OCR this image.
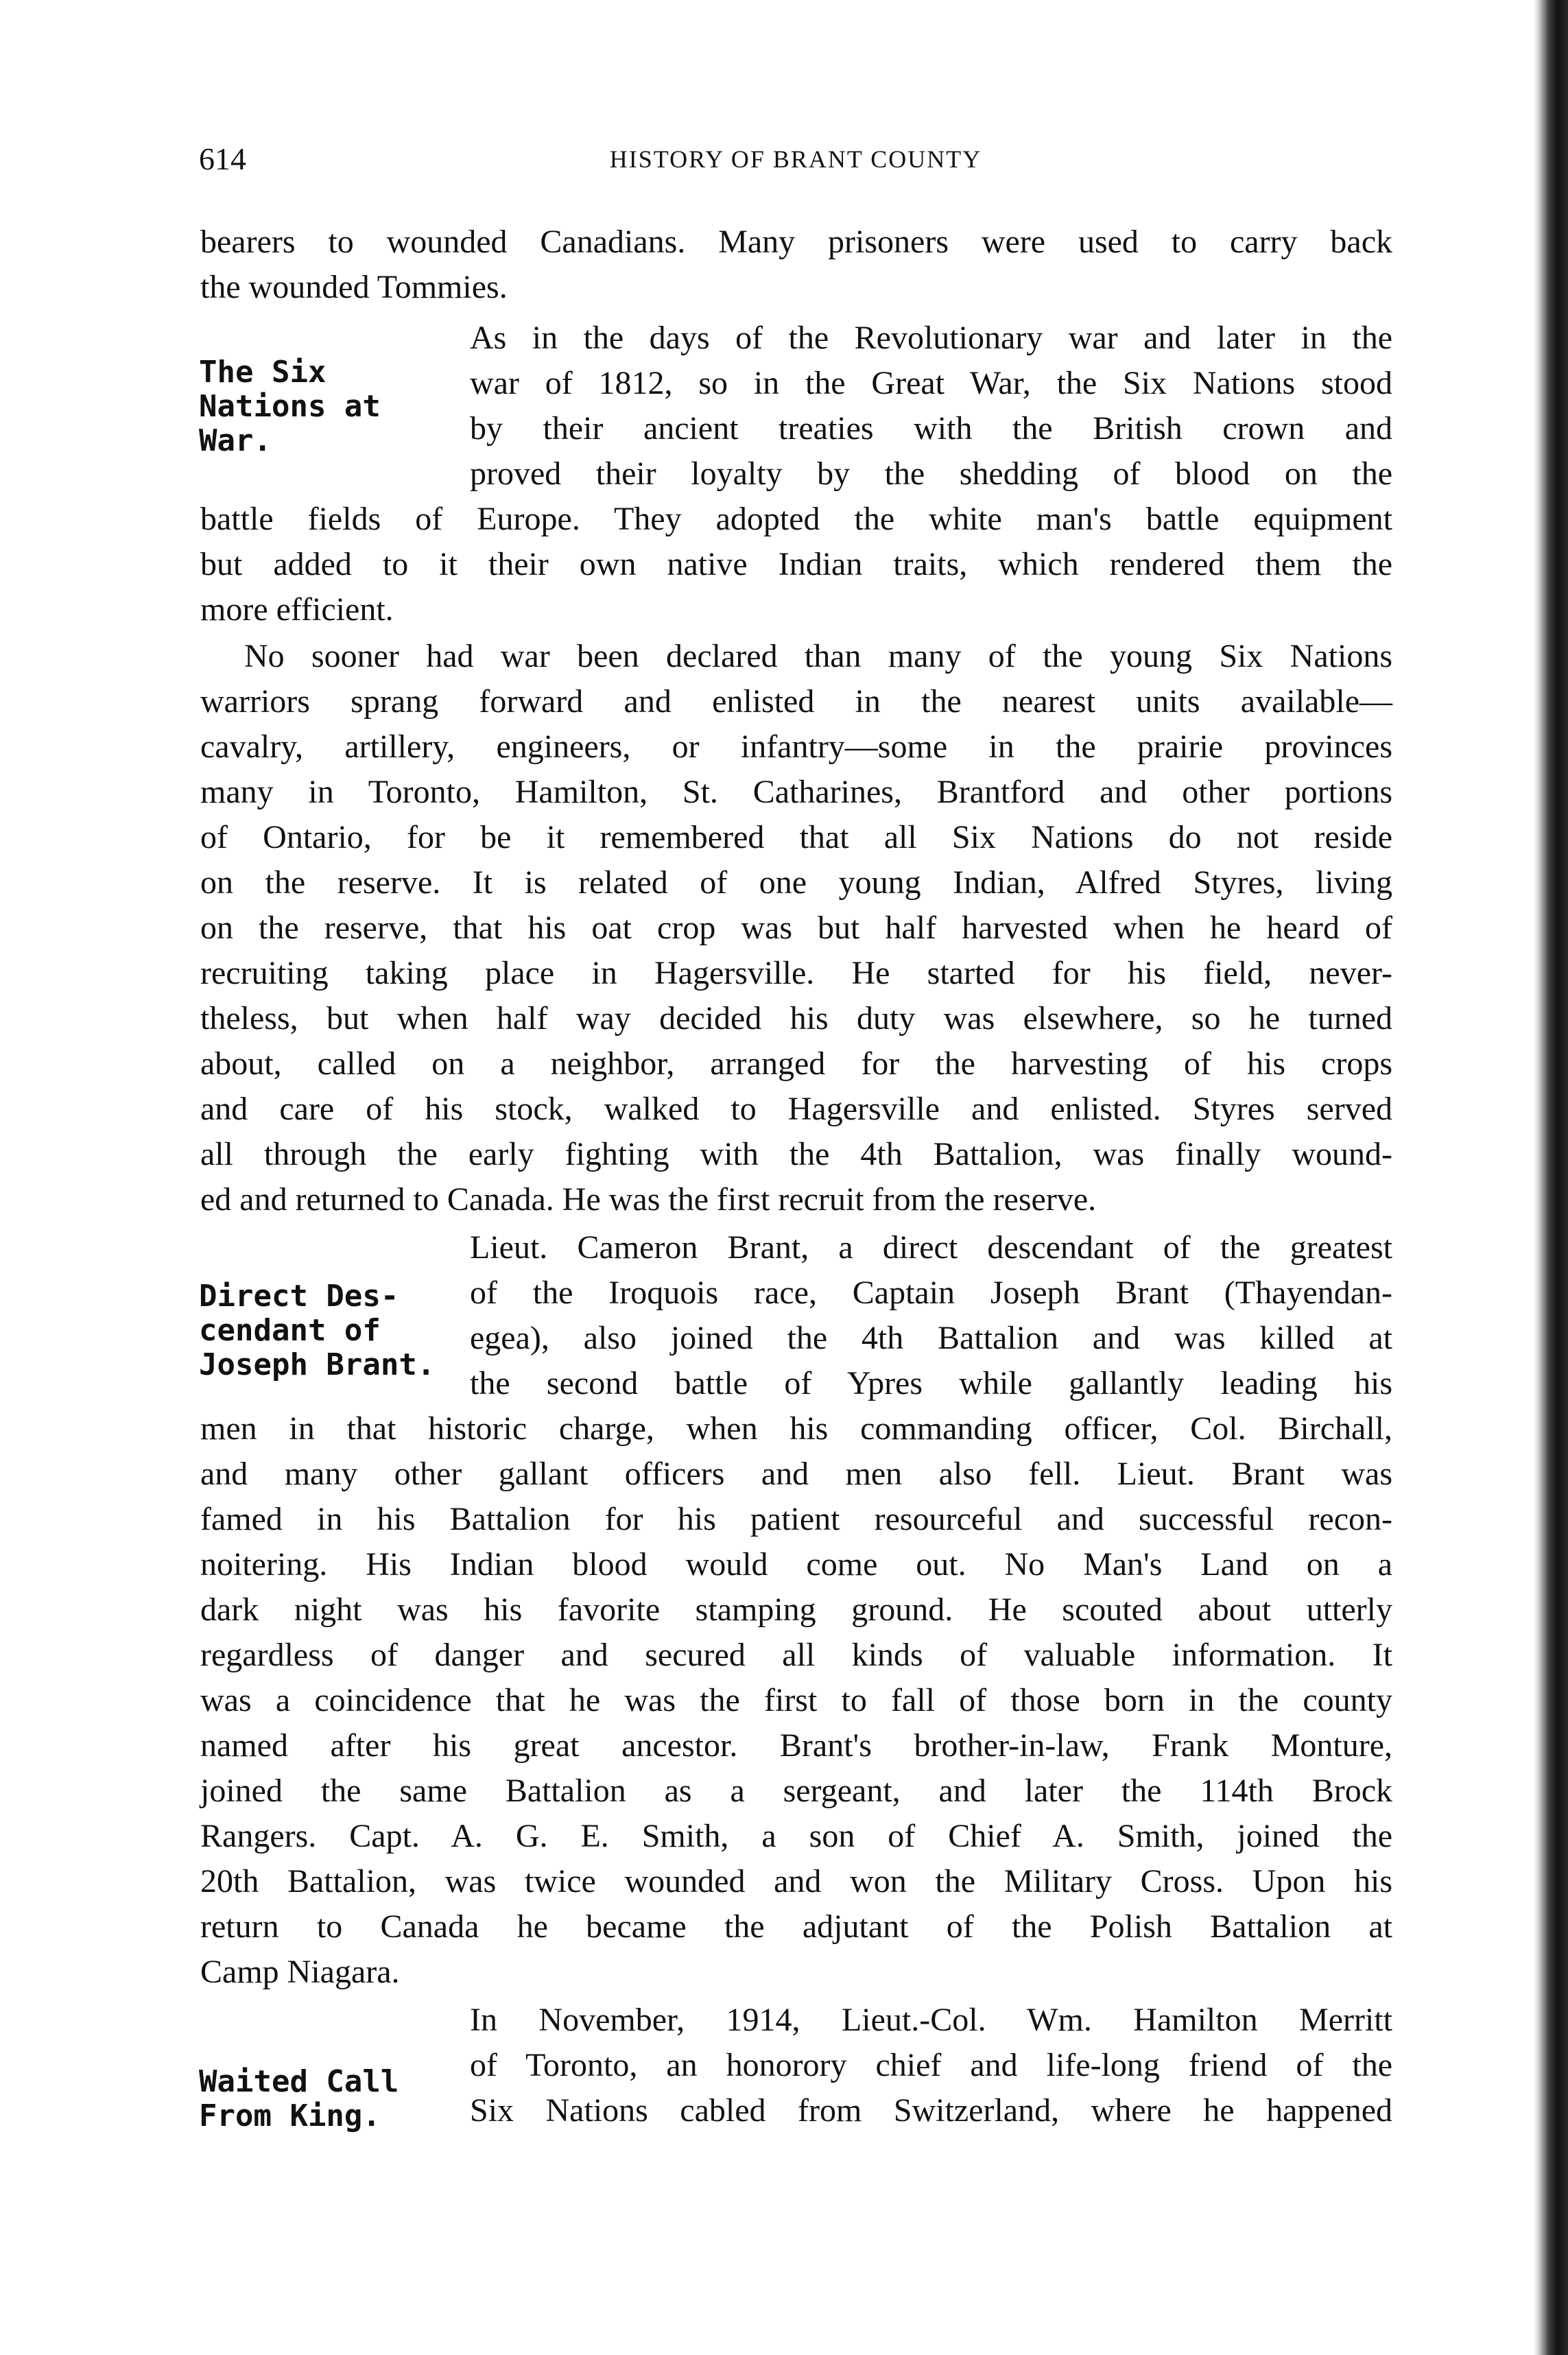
614	HISTORY OF BRANT COUNTY
The Six
Nations at
War.
Direct Des-
cendant of
Joseph Brant.
Waited Call
From King.
bearers to wounded Canadians. Many prisoners were used to carry back
the wounded Tommies.
As in the days of the Revolutionary war and later in the
war of 1812, so in the Great War, the Six Nations stood
by their ancient treaties with the British crown and
proved their loyalty by the shedding of blood on the
battle fields of Europe. They adopted the white man's battle equipment
but added to it their own native Indian traits, which rendered them the
more efficient.
No sooner had war been declared than many of the young Six Nations
warriors sprang forward and enlisted in the nearest units available—
cavalry, artillery, engineers, or infantry—some in the prairie provinces
many in Toronto, Hamilton, St. Catharines, Brantford and other portions
of Ontario, for be it remembered that all Six Nations do not reside
on the reserve. It is related of one young Indian, Alfred Styres, living
on the reserve, that his oat crop was but half harvested when he heard of
recruiting taking place in Hagersville. He started for his field, never-
theless, but when half way decided his duty was elsewhere, so he turned
about, called on a neighbor, arranged for the harvesting of his crops
and care of his stock, walked to Hagersville and enlisted. Styres served
all through the early fighting with the 4th Battalion, was finally wound-
ed and returned to Canada. He was the first recruit from the reserve.
Lieut. Cameron Brant, a direct descendant of the greatest
of the Iroquois race, Captain Joseph Brant (Thayendan-
egea), also joined the 4th Battalion and was killed at
the second battle of Ypres while gallantly leading his
men in that historic charge, when his commanding officer, Col. Birchall,
and many other gallant officers and men also fell. Lieut. Brant was
famed in his Battalion for his patient resourceful and successful recon-
noitering. His Indian blood would come out. No Man's Land on a
dark night was his favorite stamping ground. He scouted about utterly
regardless of danger and secured all kinds of valuable information. It
was a coincidence that he was the first to fall of those born in the county
named after his great ancestor. Brant's brother-in-law, Frank Monture,
joined the same Battalion as a sergeant, and later the 114th Brock
Rangers. Capt. A. G. E. Smith, a son of Chief A. Smith, joined the
20th Battalion, was twice wounded and won the Military Cross. Upon his
return to Canada he became the adjutant of the Polish Battalion at
Camp Niagara.
In November, 1914, Lieut.-Col. Wm. Hamilton Merritt
of Toronto, an honorory chief and life-long friend of the
Six Nations cabled from Switzerland, where he happened
